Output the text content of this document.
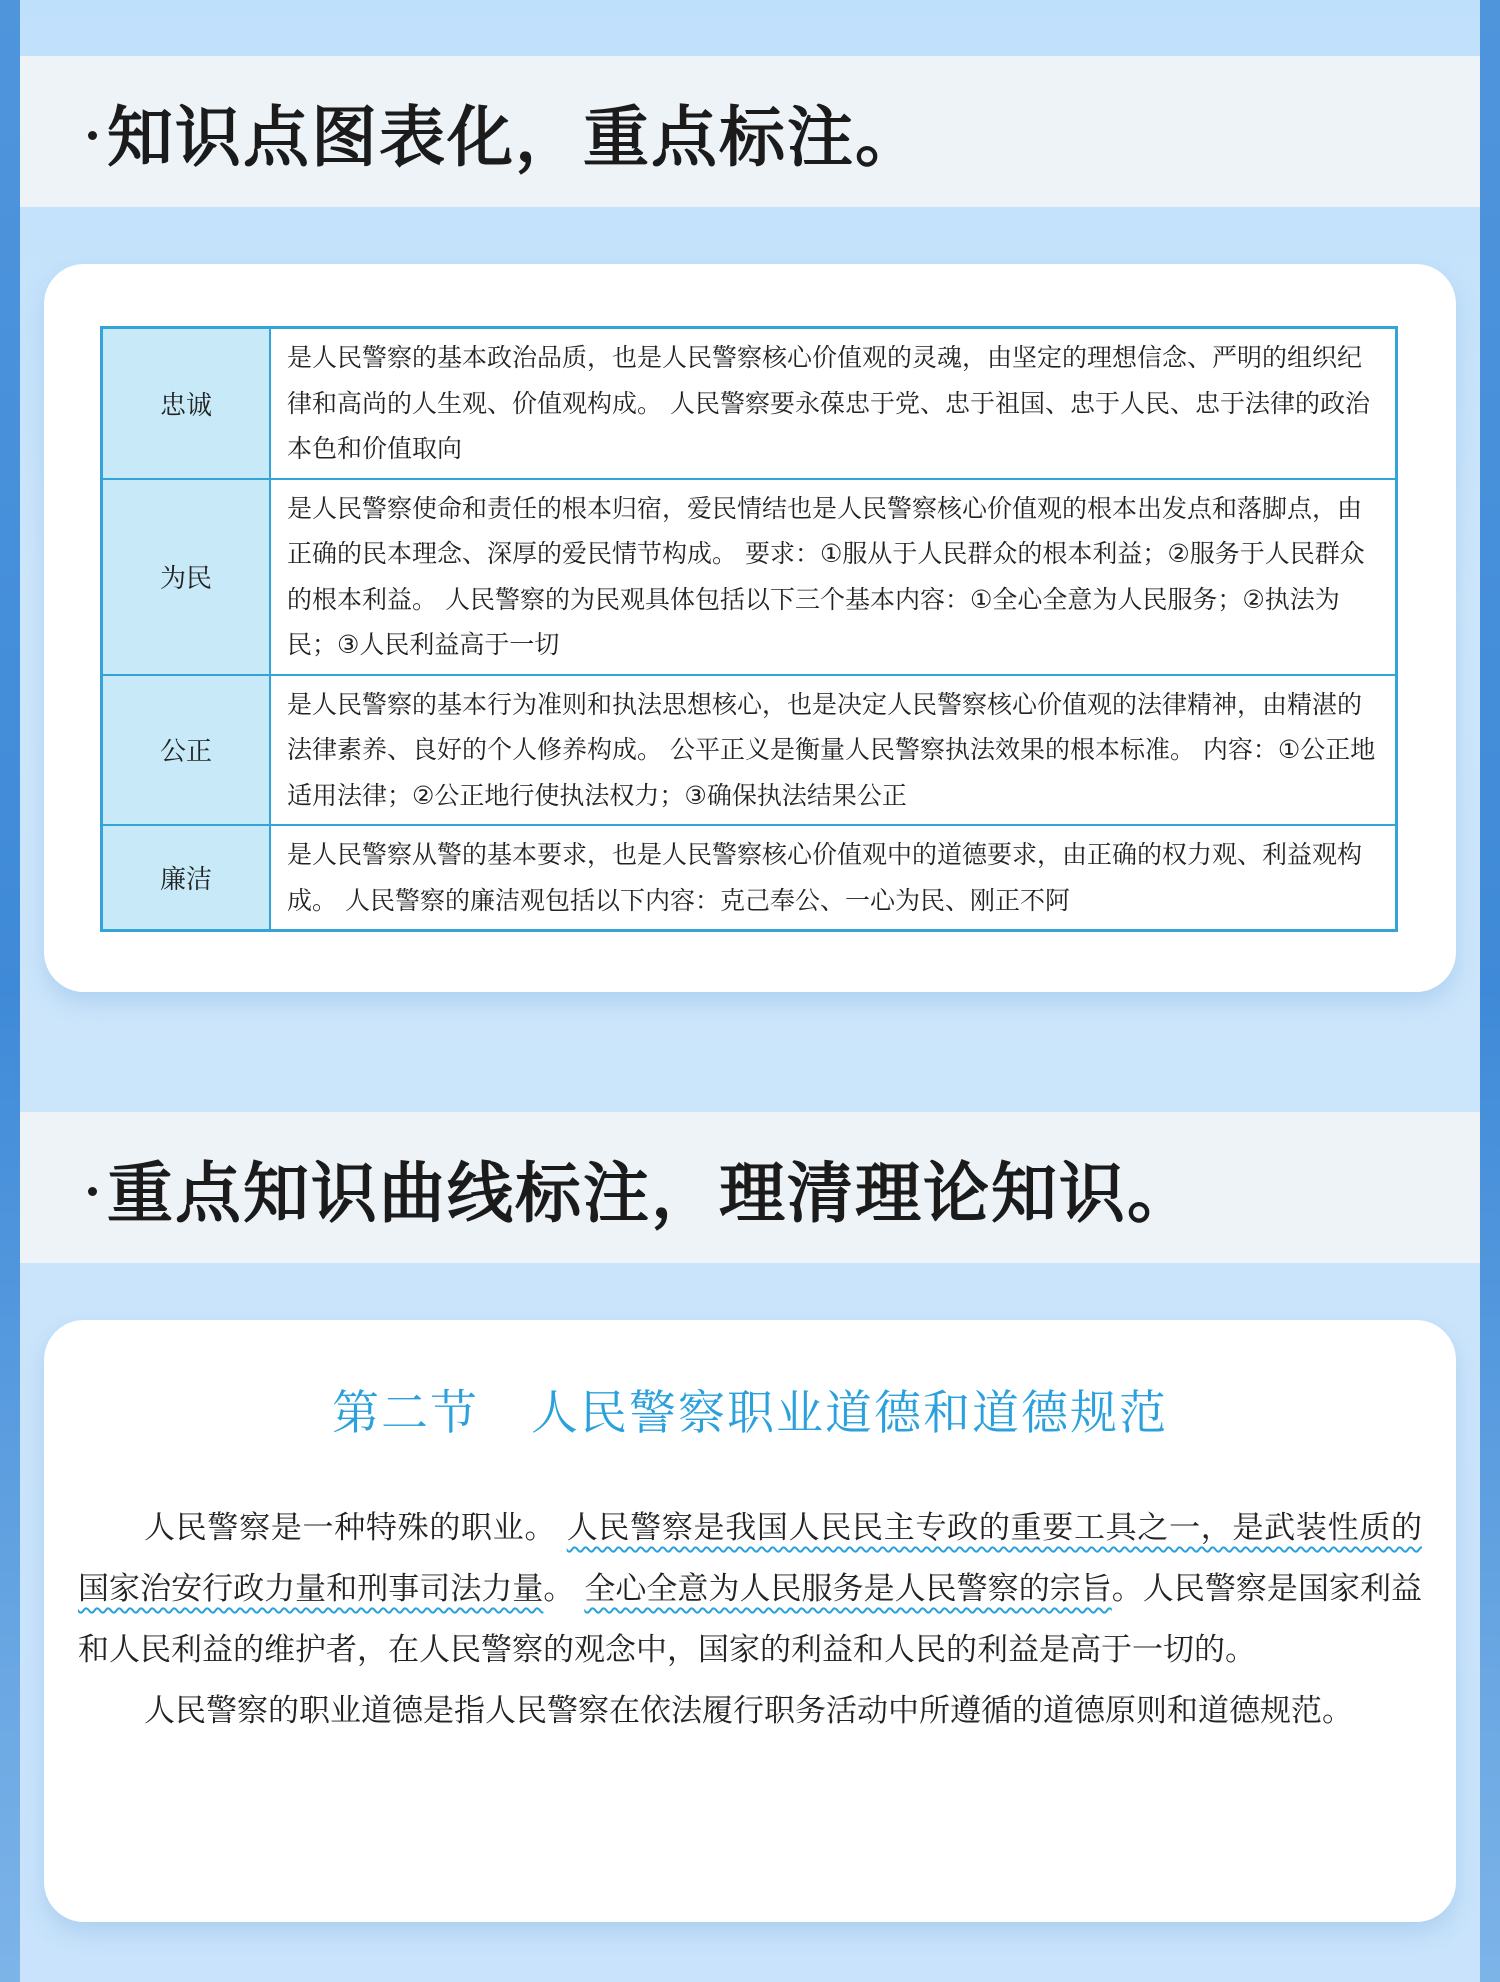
知识点图表化，重点标注。
忠诚	是人民警察的基本政治品质，也是人民警察核心价值观的灵魂，由坚定的理想信念、严明的组织纪律和高尚的人生观、价值观构成。 人民警察要永葆忠于党、忠于祖国、忠于人民、忠于法律的政治本色和价值取向
为民	是人民警察使命和责任的根本归宿，爱民情结也是人民警察核心价值观的根本出发点和落脚点，由正确的民本理念、深厚的爱民情节构成。 要求：①服从于人民群众的根本利益；②服务于人民群众的根本利益。 人民警察的为民观具体包括以下三个基本内容：①全心全意为人民服务；②执法为民；③人民利益高于一切
公正	是人民警察的基本行为准则和执法思想核心，也是决定人民警察核心价值观的法律精神，由精湛的法律素养、良好的个人修养构成。 公平正义是衡量人民警察执法效果的根本标准。 内容：①公正地适用法律；②公正地行使执法权力；③确保执法结果公正
廉洁	是人民警察从警的基本要求，也是人民警察核心价值观中的道德要求，由正确的权力观、利益观构成。 人民警察的廉洁观包括以下内容：克己奉公、一心为民、刚正不阿
重点知识曲线标注，理清理论知识。
第二节 人民警察职业道德和道德规范

人民警察是一种特殊的职业。 人民警察是我国人民民主专政的重要工具之一，是武装性质的国家治安行政力量和刑事司法力量。 全心全意为人民服务是人民警察的宗旨。人民警察是国家利益和人民利益的维护者，在人民警察的观念中，国家的利益和人民的利益是高于一切的。

人民警察的职业道德是指人民警察在依法履行职务活动中所遵循的道德原则和道德规范。
